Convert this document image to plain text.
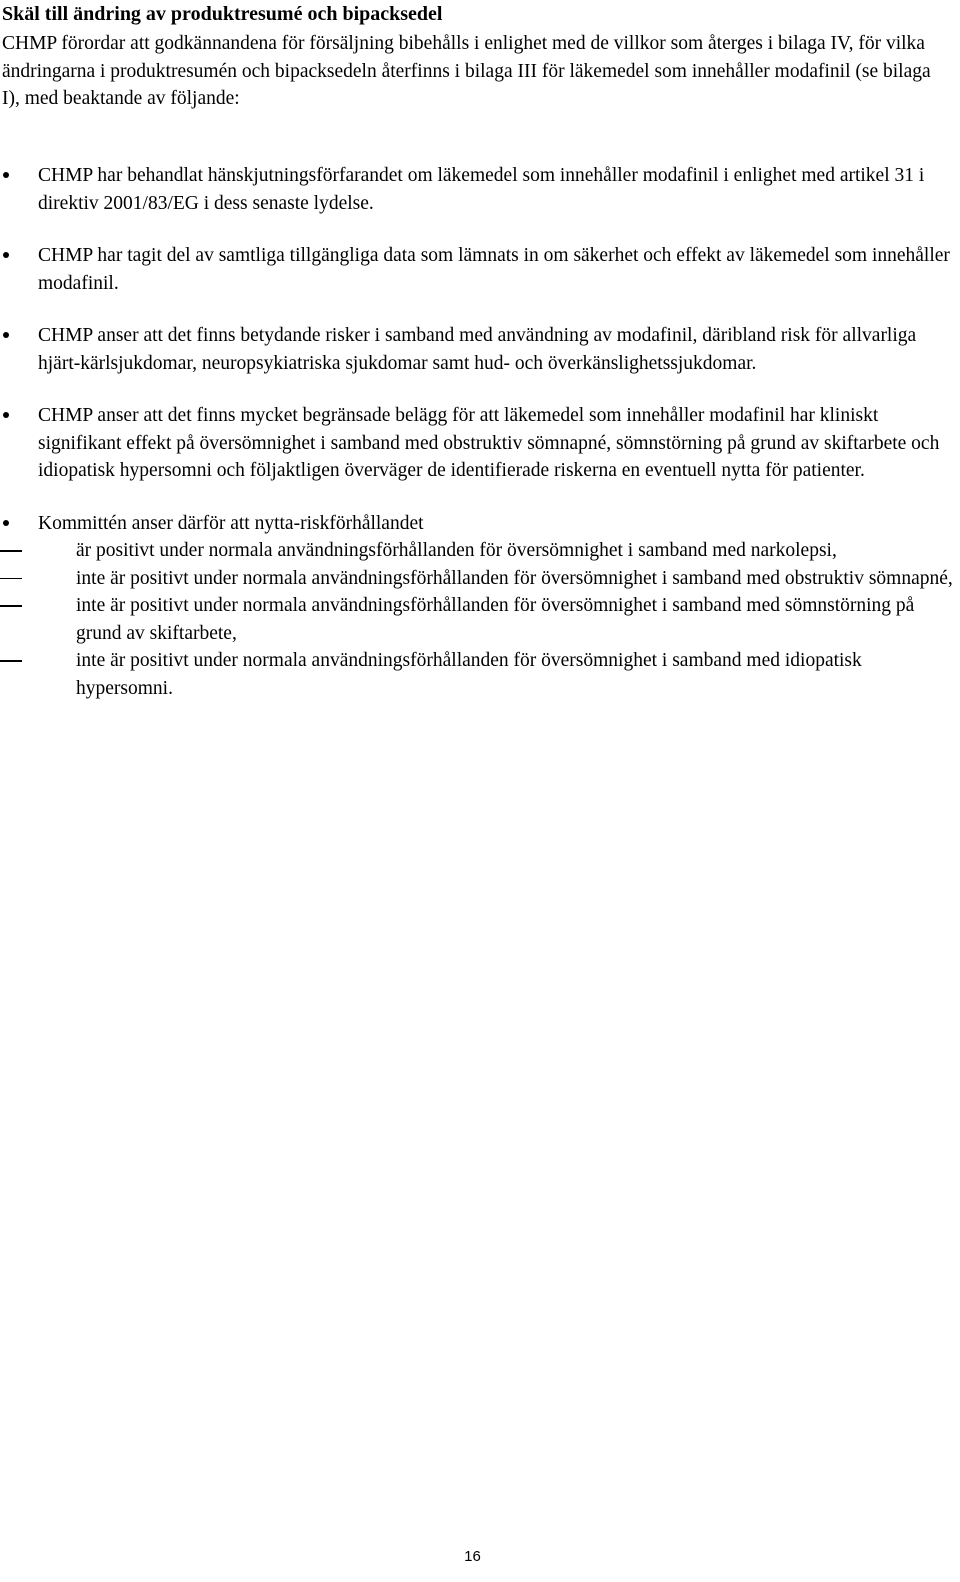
Skäl till ändring av produktresumé och bipacksedel

CHMP förordar att godkännandena för försäljning bibehålls i enlighet med de villkor som återges i bilaga IV, för vilka ändringarna i produktresumén och bipacksedeln återfinns i bilaga III för läkemedel som innehåller modafinil (se bilaga I), med beaktande av följande:

CHMP har behandlat hänskjutningsförfarandet om läkemedel som innehåller modafinil i enlighet med artikel 31 i direktiv 2001/83/EG i dess senaste lydelse.
CHMP har tagit del av samtliga tillgängliga data som lämnats in om säkerhet och effekt av läkemedel som innehåller modafinil.
CHMP anser att det finns betydande risker i samband med användning av modafinil, däribland risk för allvarliga hjärt-kärlsjukdomar, neuropsykiatriska sjukdomar samt hud- och överkänslighetssjukdomar.
CHMP anser att det finns mycket begränsade belägg för att läkemedel som innehåller modafinil har kliniskt signifikant effekt på översömnighet i samband med obstruktiv sömnapné, sömnstörning på grund av skiftarbete och idiopatisk hypersomni och följaktligen överväger de identifierade riskerna en eventuell nytta för patienter.
Kommittén anser därför att nytta-riskförhållandet
är positivt under normala användningsförhållanden för översömnighet i samband med narkolepsi,
inte är positivt under normala användningsförhållanden för översömnighet i samband med obstruktiv sömnapné,
inte är positivt under normala användningsförhållanden för översömnighet i samband med sömnstörning på grund av skiftarbete,
inte är positivt under normala användningsförhållanden för översömnighet i samband med idiopatisk hypersomni.
16
